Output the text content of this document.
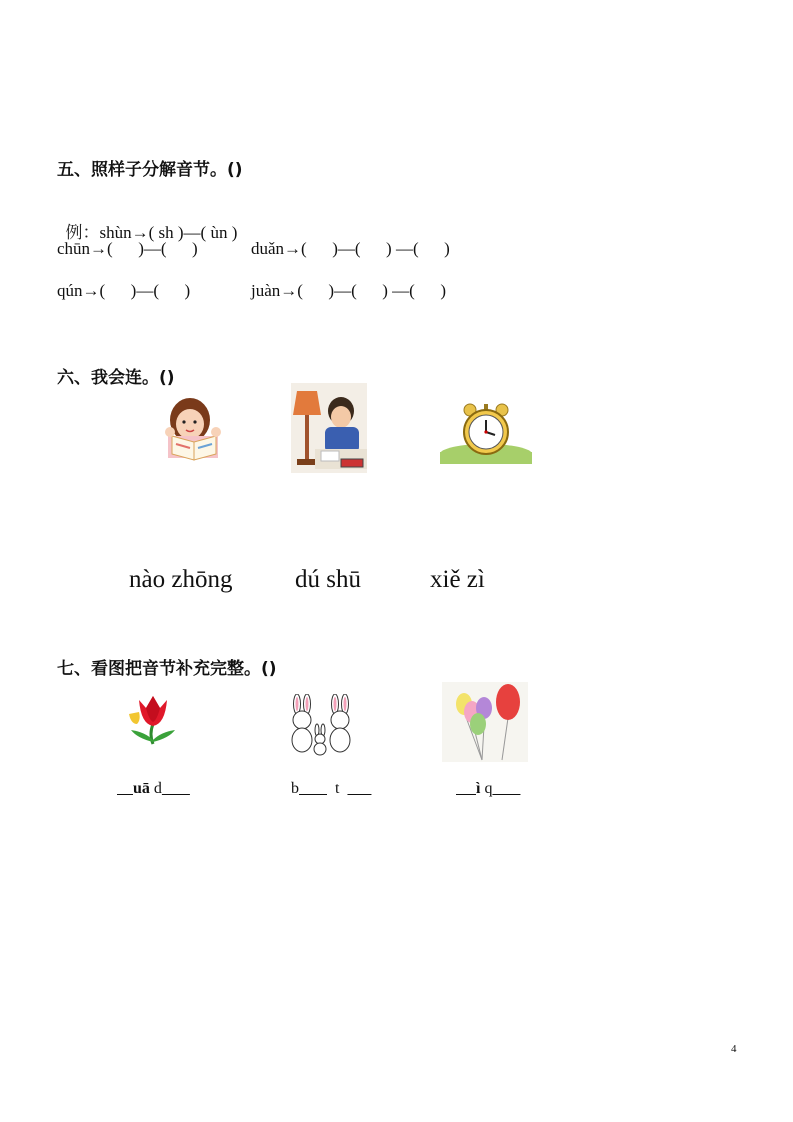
五、照样子分解音节。()

例：shùn→( sh )—( ùn )

chūn→(      )—(      )	duǎn→(      )—(      ) —(      )
qún→(      )—(      )	juàn→(      )—(      ) —(      )
六、我会连。()
nào zhōng	dú shū	xiě zì
七、看图把音节补充完整。()
uā d	b         t	ì q
4
